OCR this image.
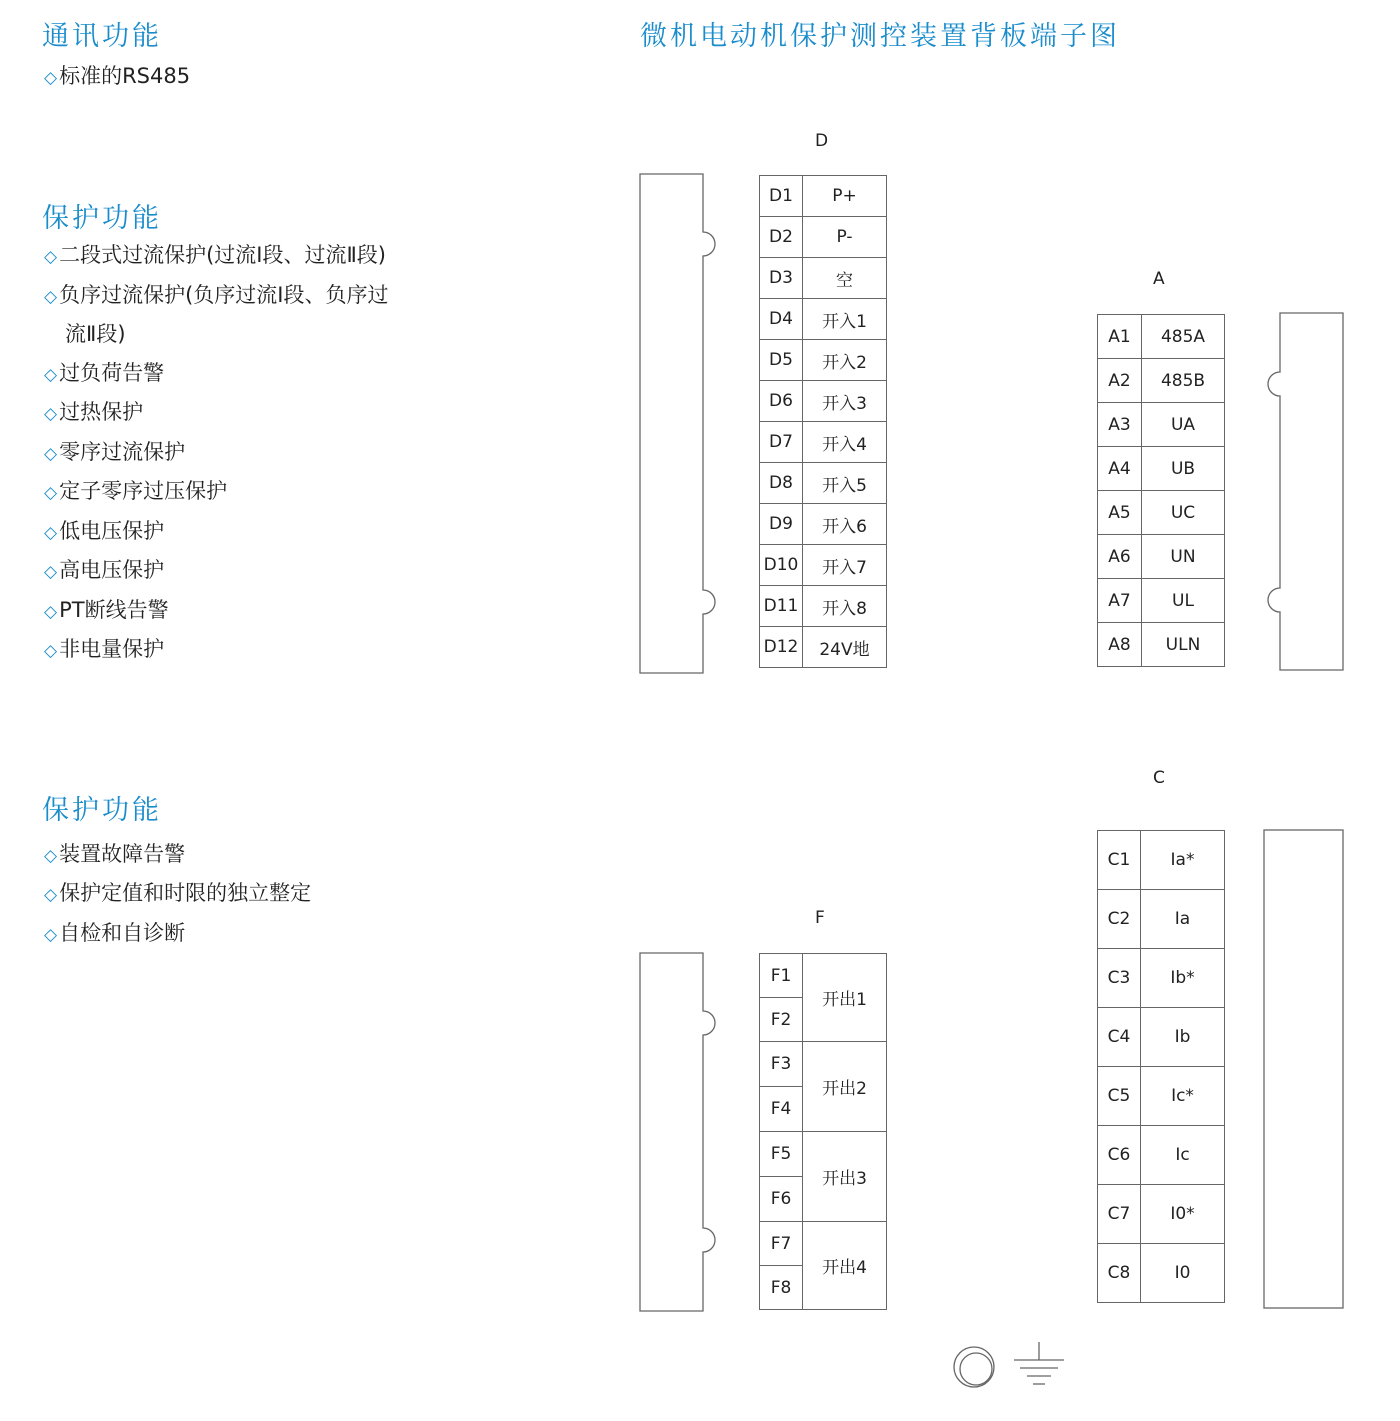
通讯功能
◇标准的RS485
保护功能
◇二段式过流保护(过流Ⅰ段、过流Ⅱ段)
◇负序过流保护(负序过流Ⅰ段、负序过
流Ⅱ段)
◇过负荷告警
◇过热保护
◇零序过流保护
◇定子零序过压保护
◇低电压保护
◇高电压保护
◇PT断线告警
◇非电量保护
保护功能
◇装置故障告警
◇保护定值和时限的独立整定
◇自检和自诊断
微机电动机保护测控装置背板端子图
D
D1	P+
D2	P-
D3	空
D4	开入1
D5	开入2
D6	开入3
D7	开入4
D8	开入5
D9	开入6
D10	开入7
D11	开入8
D12	24V地
A
A1	485A
A2	485B
A3	UA
A4	UB
A5	UC
A6	UN
A7	UL
A8	ULN
C
C1	Ia*
C2	Ia
C3	Ib*
C4	Ib
C5	Ic*
C6	Ic
C7	I0*
C8	I0
F
F1	开出1
F2	
F3	开出2
F4	
F5	开出3
F6	
F7	开出4
F8	
